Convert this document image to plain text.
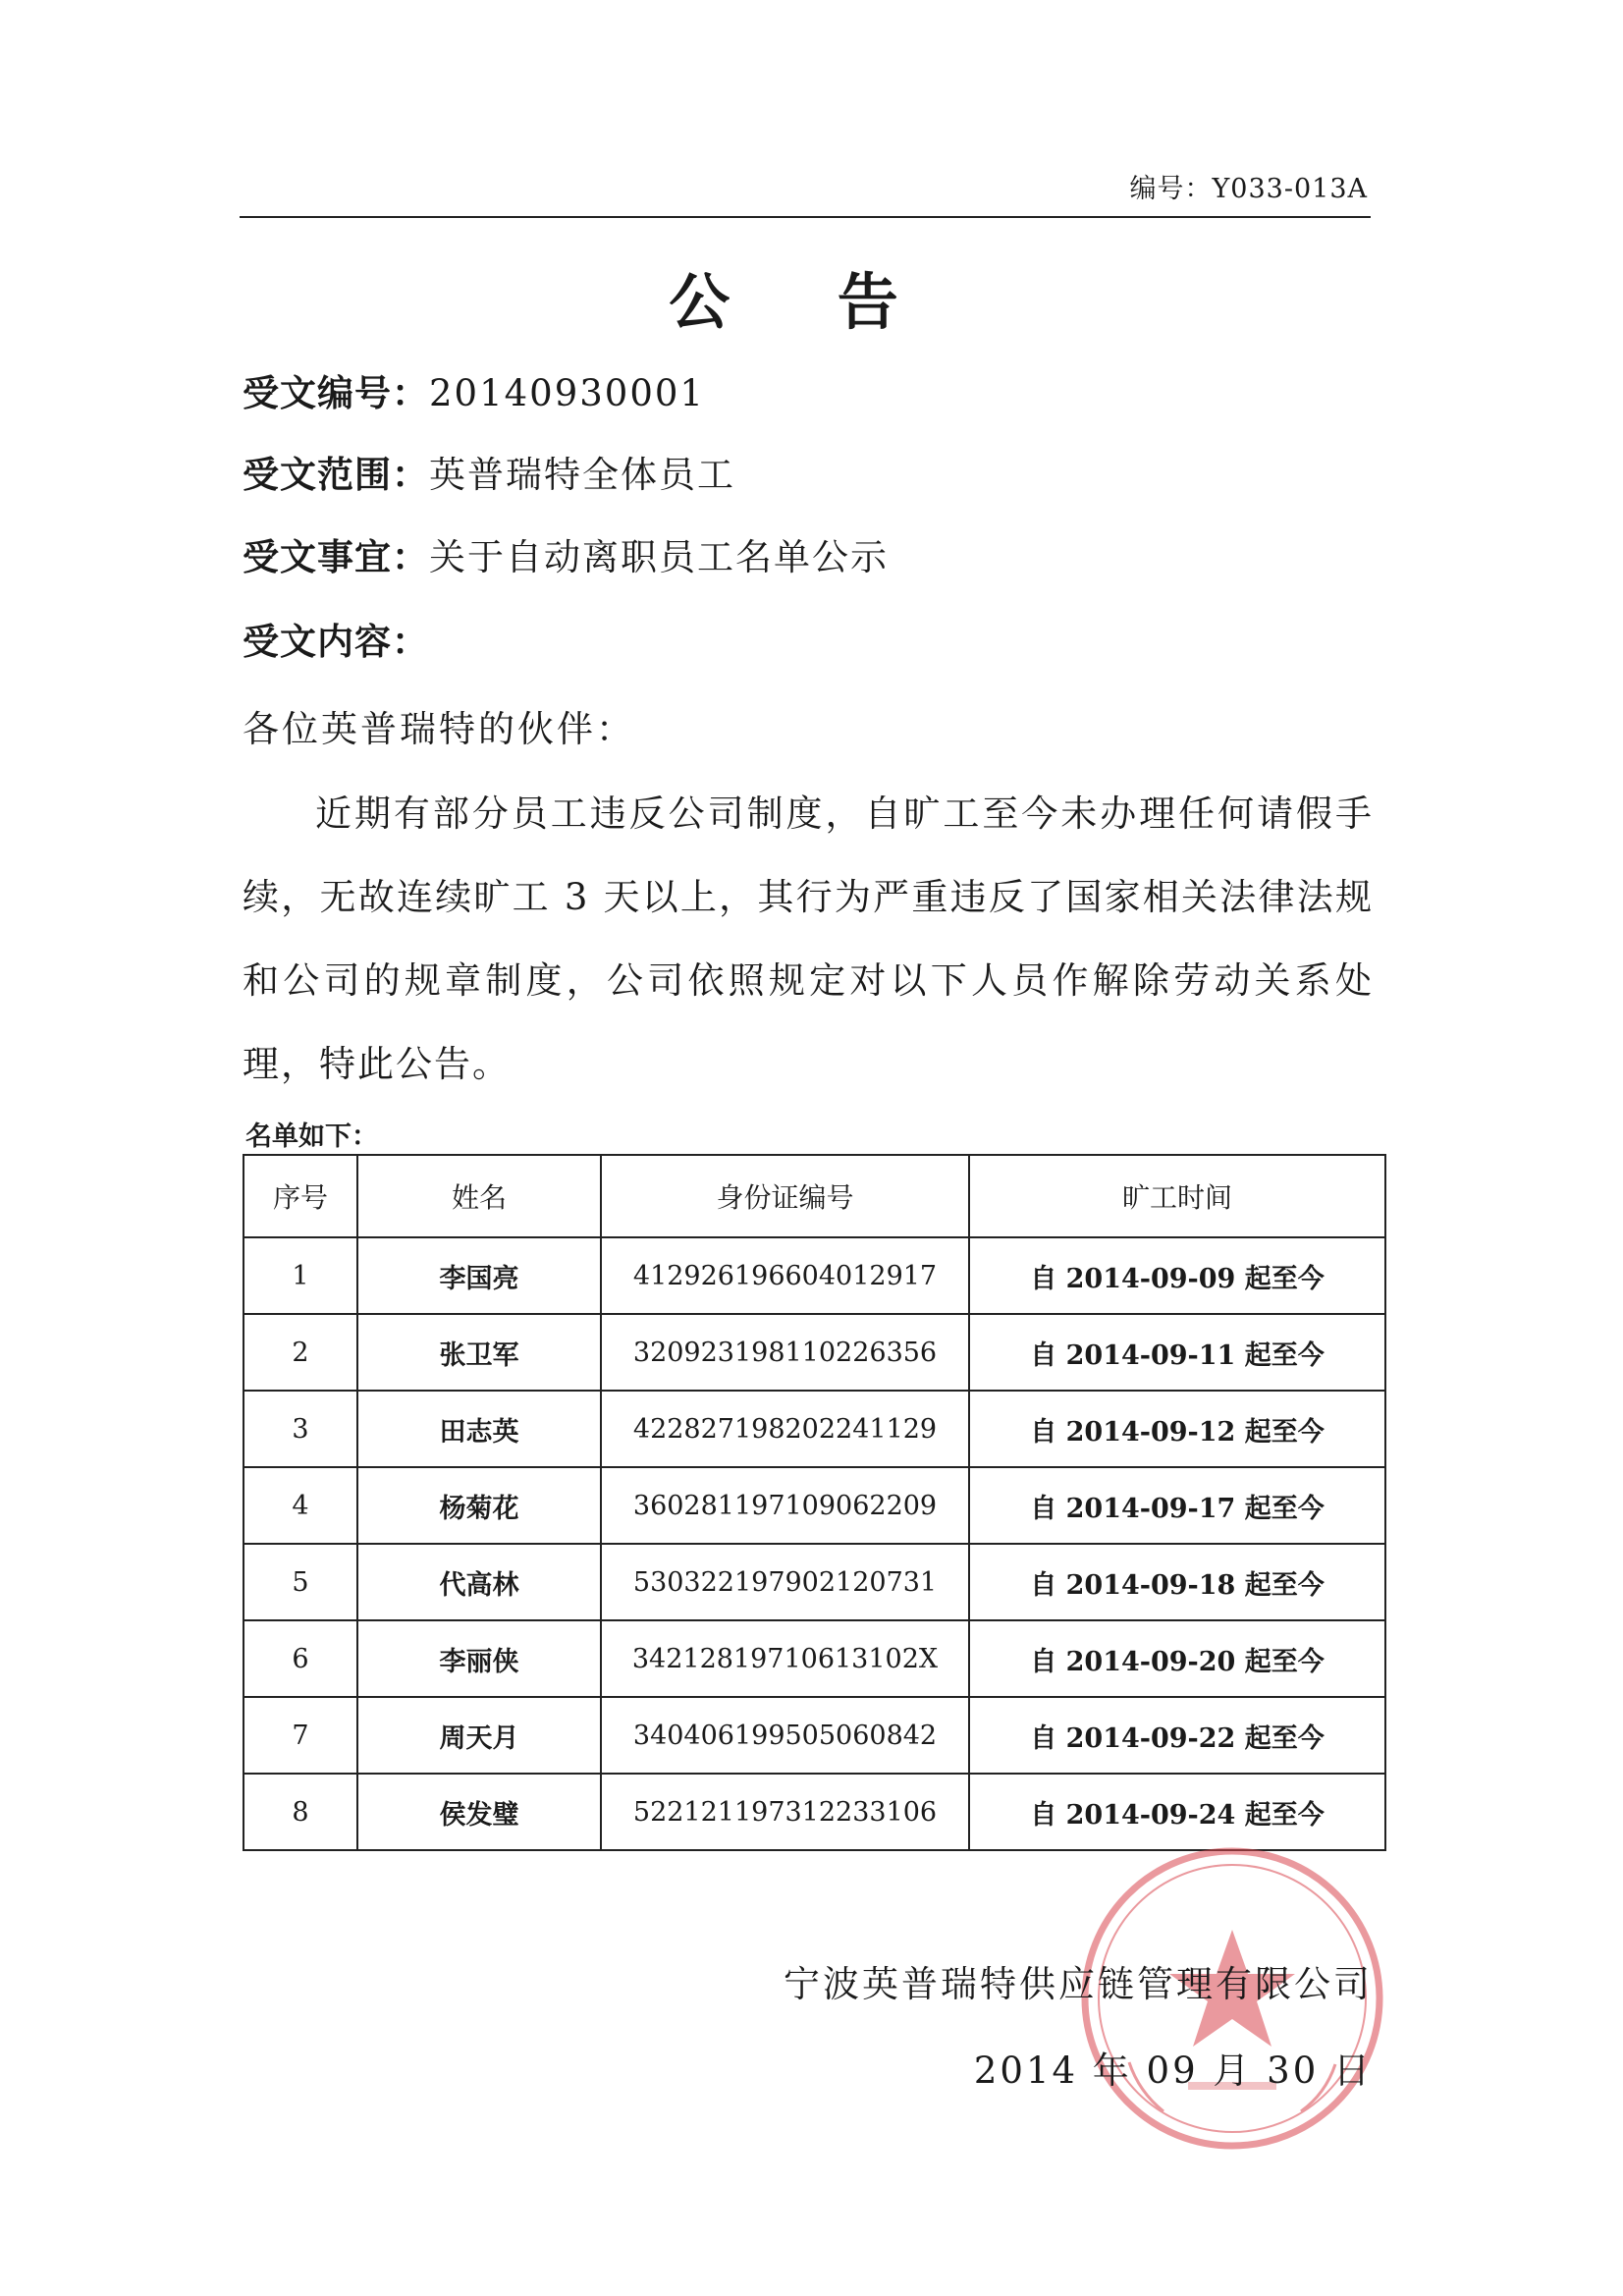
编号：Y033-013A
公 告
受文编号：20140930001
受文范围：英普瑞特全体员工
受文事宜：关于自动离职员工名单公示
受文内容：
各位英普瑞特的伙伴：
近期有部分员工违反公司制度，自旷工至今未办理任何请假手续，无故连续旷工 3 天以上，其行为严重违反了国家相关法律法规和公司的规章制度，公司依照规定对以下人员作解除劳动关系处理，特此公告。
名单如下：
序号	姓名	身份证编号	旷工时间
1	李国亮	412926196604012917	自 2014-09-09 起至今
2	张卫军	320923198110226356	自 2014-09-11 起至今
3	田志英	422827198202241129	自 2014-09-12 起至今
4	杨菊花	360281197109062209	自 2014-09-17 起至今
5	代高林	530322197902120731	自 2014-09-18 起至今
6	李丽侠	34212819710613102X	自 2014-09-20 起至今
7	周天月	340406199505060842	自 2014-09-22 起至今
8	侯发璧	522121197312233106	自 2014-09-24 起至今
宁波英普瑞特供应链管理有限公司
2014 年 09 月 30 日
